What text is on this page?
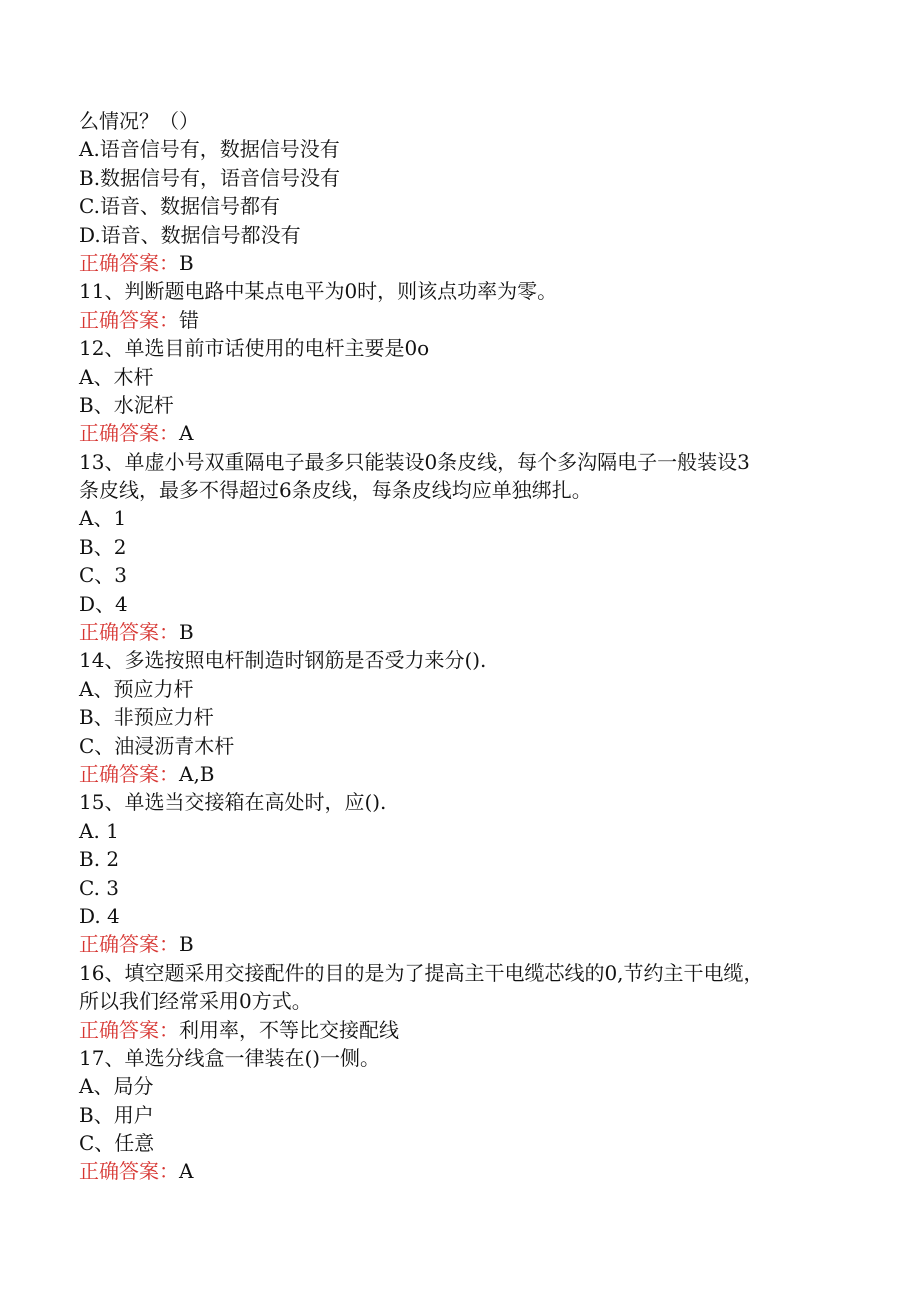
么情况？（）
A.语音信号有，数据信号没有
B.数据信号有，语音信号没有
C.语音、数据信号都有
D.语音、数据信号都没有
正确答案：B
11、判断题电路中某点电平为0时，则该点功率为零。
正确答案：错
12、单选目前市话使用的电杆主要是0o
A、木杆
B、水泥杆
正确答案：A
13、单虚小号双重隔电子最多只能装设0条皮线，每个多沟隔电子一般装设3
条皮线，最多不得超过6条皮线，每条皮线均应单独绑扎。
A、1
B、2
C、3
D、4
正确答案：B
14、多选按照电杆制造时钢筋是否受力来分().
A、预应力杆
B、非预应力杆
C、油浸沥青木杆
正确答案：A,B
15、单选当交接箱在高处时，应().
A. 1
B. 2
C. 3
D. 4
正确答案：B
16、填空题采用交接配件的目的是为了提高主干电缆芯线的0,节约主干电缆，
所以我们经常采用0方式。
正确答案：利用率，不等比交接配线
17、单选分线盒一律装在()一侧。
A、局分
B、用户
C、任意
正确答案：A
